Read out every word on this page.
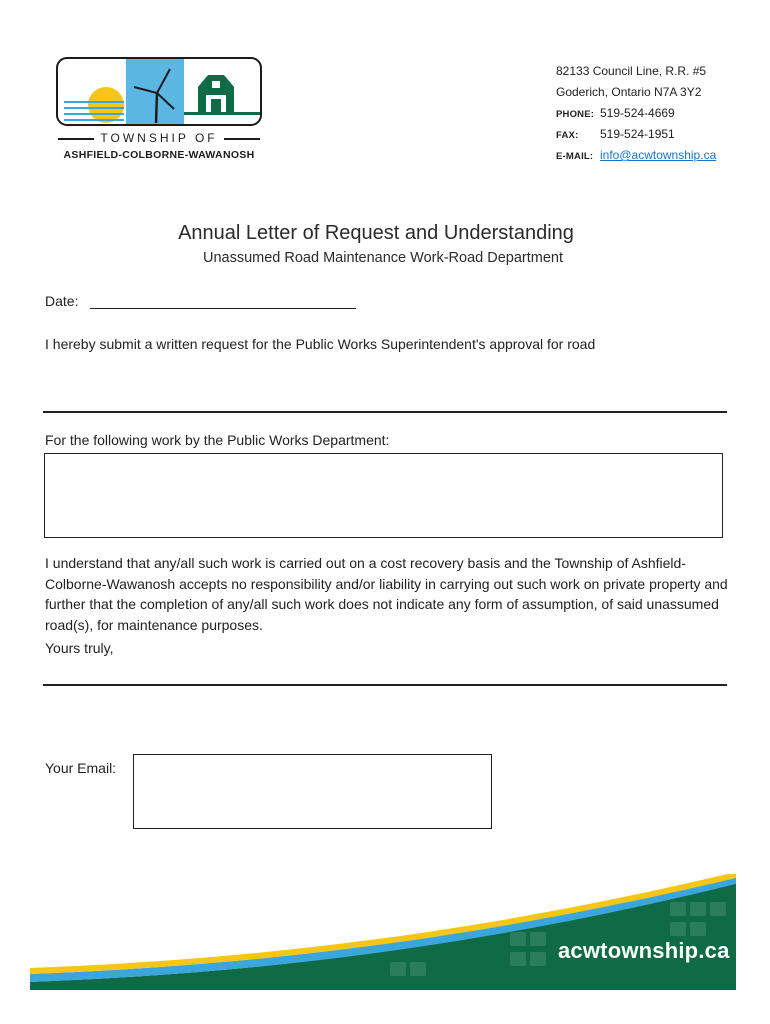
TOWNSHIP OF
ASHFIELD-COLBORNE-WAWANOSH
82133 Council Line, R.R. #5
Goderich, Ontario N7A 3Y2
PHONE: 519-524-4669
FAX: 519-524-1951
E-MAIL: info@acwtownship.ca
Annual Letter of Request and Understanding
Unassumed Road Maintenance Work-Road Department
Date:
I hereby submit a written request for the Public Works Superintendent's approval for road
For the following work by the Public Works Department:
I understand that any/all such work is carried out on a cost recovery basis and the Township of Ashfield-Colborne-Wawanosh accepts no responsibility and/or liability in carrying out such work on private property and further that the completion of any/all such work does not indicate any form of assumption, of said unassumed road(s), for maintenance purposes.
Yours truly,
Your Email:
acwtownship.ca
